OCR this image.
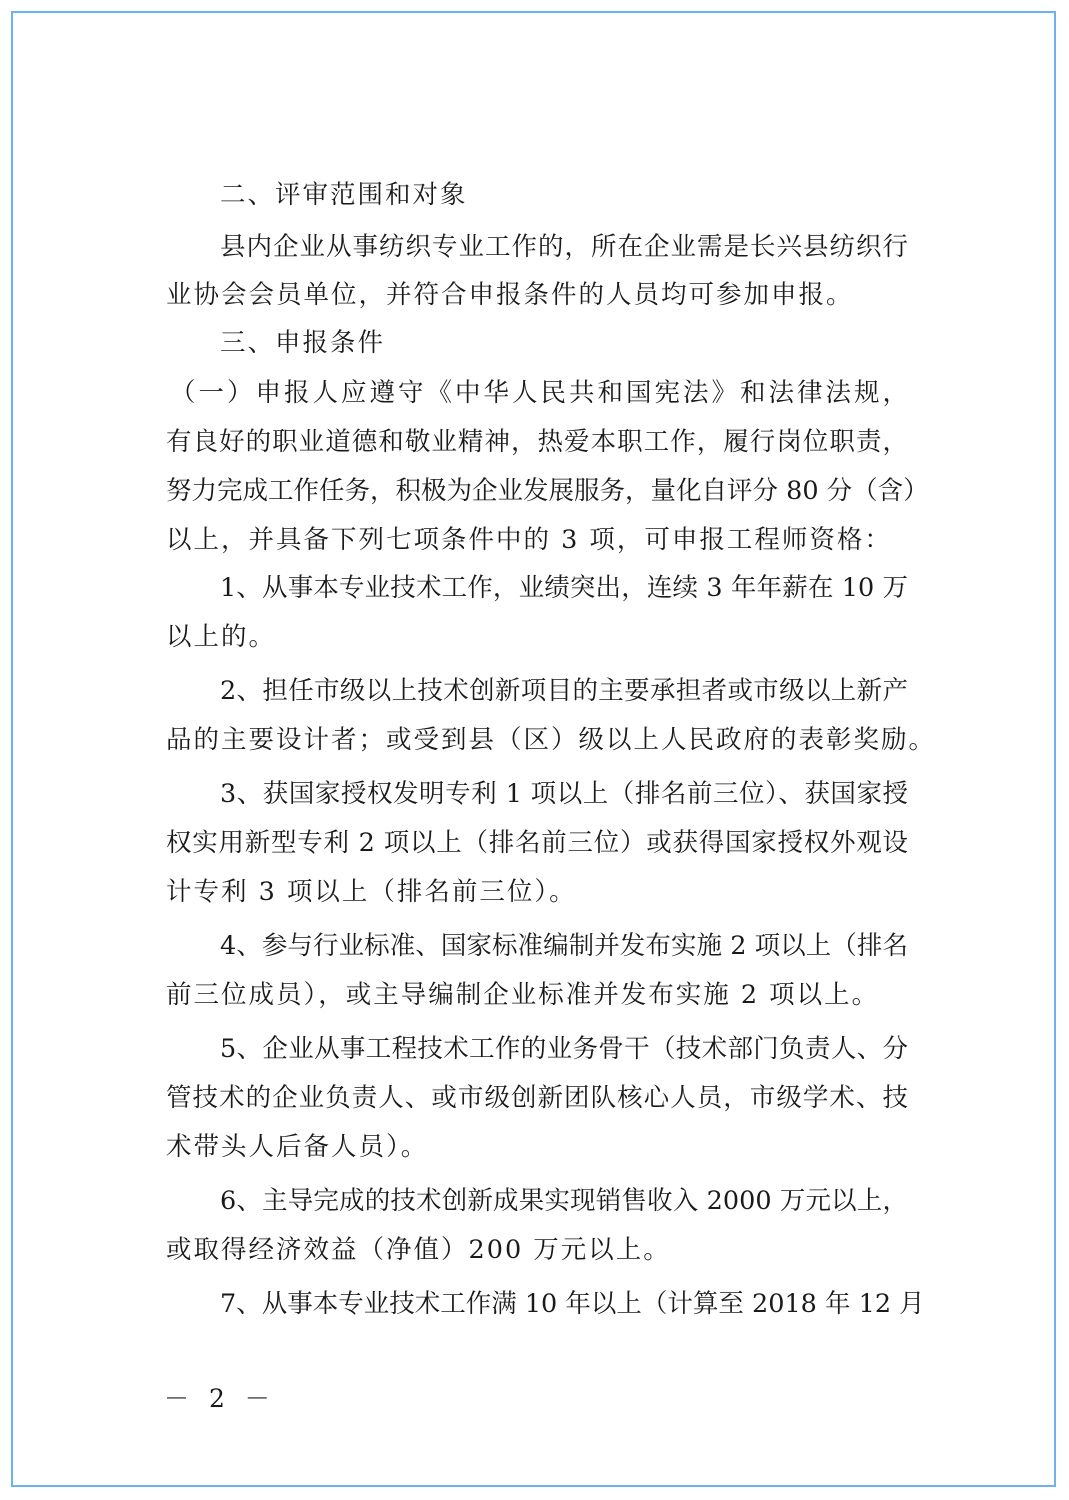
二、评审范围和对象
县内企业从事纺织专业工作的，所在企业需是长兴县纺织行
业协会会员单位，并符合申报条件的人员均可参加申报。
三、申报条件
（一）申报人应遵守《中华人民共和国宪法》和法律法规，
有良好的职业道德和敬业精神，热爱本职工作，履行岗位职责，
努力完成工作任务，积极为企业发展服务，量化自评分 80 分（含）
以上，并具备下列七项条件中的 3 项，可申报工程师资格：
1、从事本专业技术工作，业绩突出，连续 3 年年薪在 10 万
以上的。
2、担任市级以上技术创新项目的主要承担者或市级以上新产
品的主要设计者；或受到县（区）级以上人民政府的表彰奖励。
3、获国家授权发明专利 1 项以上（排名前三位）、获国家授
权实用新型专利 2 项以上（排名前三位）或获得国家授权外观设
计专利 3 项以上（排名前三位）。
4、参与行业标准、国家标准编制并发布实施 2 项以上（排名
前三位成员），或主导编制企业标准并发布实施 2 项以上。
5、企业从事工程技术工作的业务骨干（技术部门负责人、分
管技术的企业负责人、或市级创新团队核心人员，市级学术、技
术带头人后备人员）。
6、主导完成的技术创新成果实现销售收入 2000 万元以上，
或取得经济效益（净值）200 万元以上。
7、从事本专业技术工作满 10 年以上（计算至 2018 年 12 月
－ 2 －
